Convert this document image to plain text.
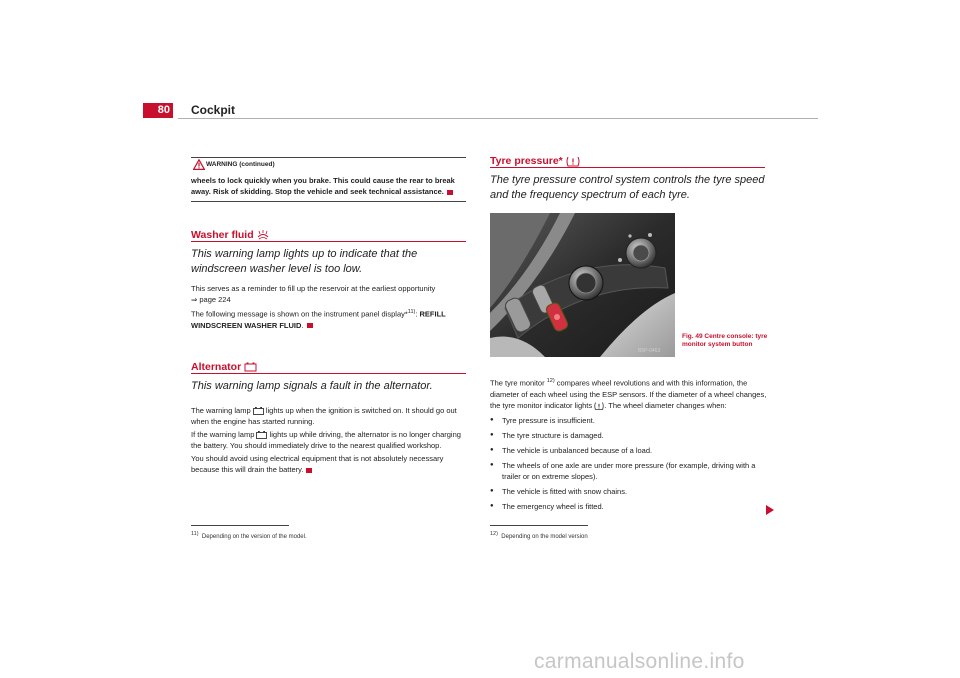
80 Cockpit
WARNING (continued)
wheels to lock quickly when you brake. This could cause the rear to break away. Risk of skidding. Stop the vehicle and seek technical assistance.
Washer fluid
This warning lamp lights up to indicate that the windscreen washer level is too low.
This serves as a reminder to fill up the reservoir at the earliest opportunity
⇒ page 224
The following message is shown on the instrument panel display*$^{11)}$: REFILL WINDSCREEN WASHER FLUID.
Alternator
This warning lamp signals a fault in the alternator.
The warning lamp lights up when the ignition is switched on. It should go out when the engine has started running.
If the warning lamp lights up while driving, the alternator is no longer charging the battery. You should immediately drive to the nearest qualified workshop.
You should avoid using electrical equipment that is not absolutely necessary because this will drain the battery.
$^{11)}$ Depending on the version of the model.
Tyre pressure*
The tyre pressure control system controls the tyre speed and the frequency spectrum of each tyre.
B5P-0463
Fig. 49 Centre console: tyre monitor system button
The tyre monitor $^{12)}$ compares wheel revolutions and with this information, the diameter of each wheel using the ESP sensors. If the diameter of a wheel changes, the tyre monitor indicator lights . The wheel diameter changes when:
● Tyre pressure is insufficient.
● The tyre structure is damaged.
● The vehicle is unbalanced because of a load.
● The wheels of one axle are under more pressure (for example, driving with a trailer or on extreme slopes).
● The vehicle is fitted with snow chains.
● The emergency wheel is fitted.
$^{12)}$ Depending on the model version
carmanualsonline.info
